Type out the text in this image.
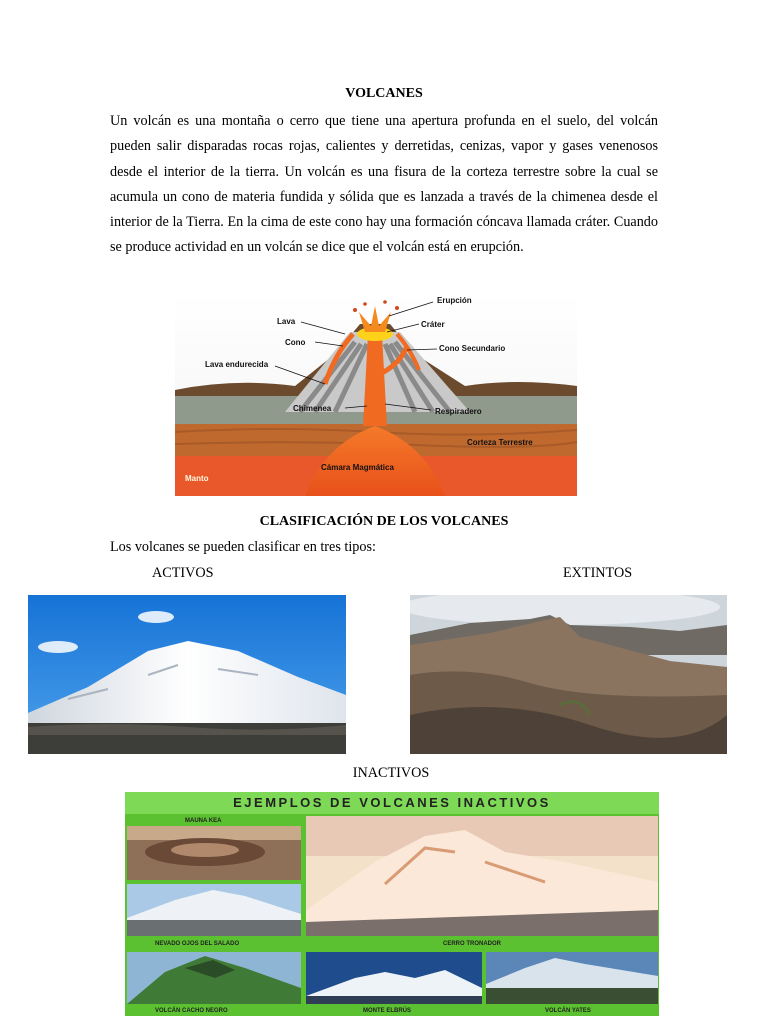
VOLCANES
Un volcán es una montaña o cerro que tiene una apertura profunda en el suelo, del volcán pueden salir disparadas rocas rojas, calientes y derretidas, cenizas, vapor y gases venenosos desde el interior de la tierra. Un volcán es una fisura de la corteza terrestre sobre la cual se acumula un cono de materia fundida y sólida que es lanzada a través de la chimenea desde el interior de la Tierra. En la cima de este cono hay una formación cóncava llamada cráter. Cuando se produce actividad en un volcán se dice que el volcán está en erupción.
Erupción
Lava	Cráter
Cono
Cono Secundario
Lava endurecida
Chimenea	Respiradero
Corteza Terrestre
Cámara Magmática
Manto
CLASIFICACIÓN DE LOS VOLCANES
Los volcanes se pueden clasificar en tres tipos:
ACTIVOS	EXTINTOS
INACTIVOS
EJEMPLOS DE VOLCANES INACTIVOS
MAUNA KEA
NEVADO OJOS DEL SALADO	CERRO TRONADOR
VOLCÁN CACHO NEGRO	MONTE ELBRÚS	VOLCÁN YATES
